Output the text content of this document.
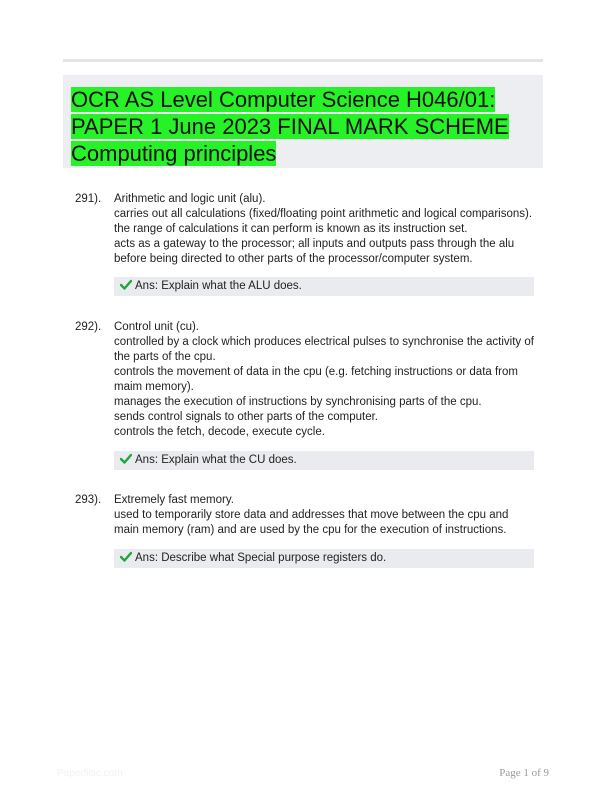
OCR AS Level Computer Science H046/01:
PAPER 1 June 2023 FINAL MARK SCHEME
Computing principles
291). Arithmetic and logic unit (alu).
carries out all calculations (fixed/floating point arithmetic and logical comparisons).
the range of calculations it can perform is known as its instruction set.
acts as a gateway to the processor; all inputs and outputs pass through the alu before being directed to other parts of the processor/computer system.
Ans: Explain what the ALU does.
292). Control unit (cu).
controlled by a clock which produces electrical pulses to synchronise the activity of the parts of the cpu.
controls the movement of data in the cpu (e.g. fetching instructions or data from maim memory).
manages the execution of instructions by synchronising parts of the cpu.
sends control signals to other parts of the computer.
controls the fetch, decode, execute cycle.
Ans: Explain what the CU does.
293). Extremely fast memory.
used to temporarily store data and addresses that move between the cpu and main memory (ram) and are used by the cpu for the execution of instructions.
Ans: Describe what Special purpose registers do.
Paperfiltic.com	Page 1 of 9
